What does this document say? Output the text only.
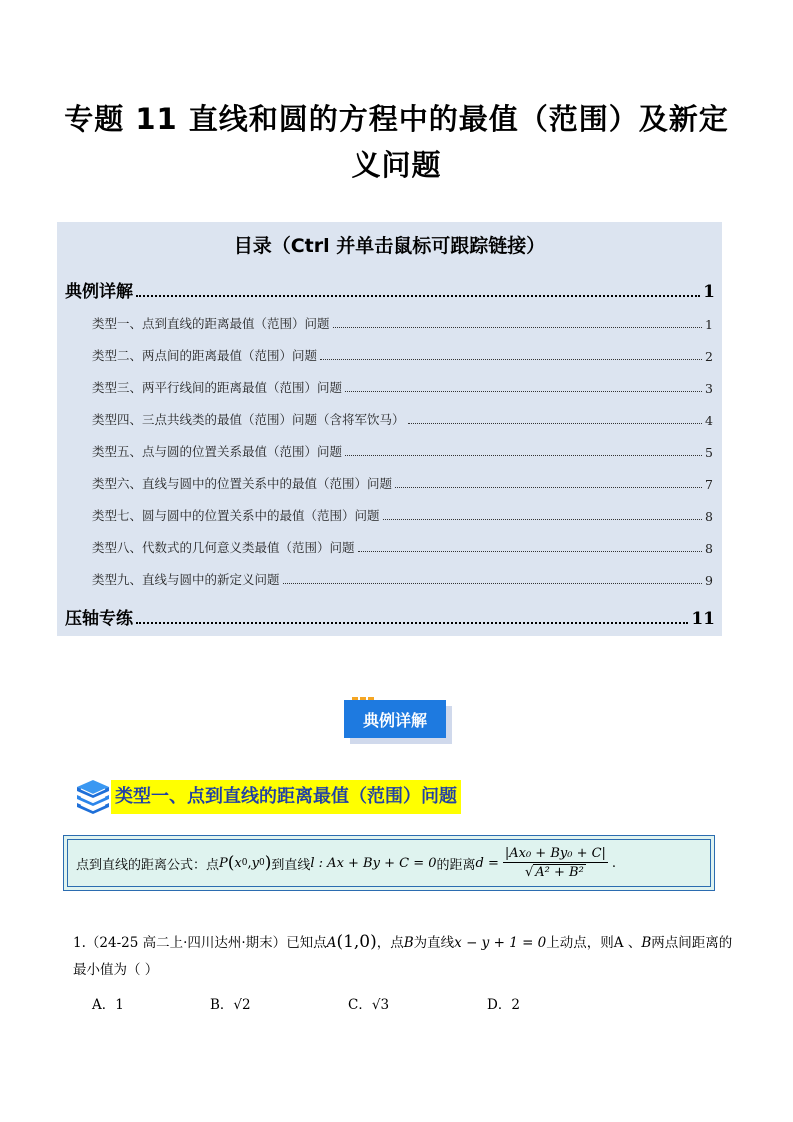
专题 11 直线和圆的方程中的最值（范围）及新定
义问题
目录（Ctrl 并单击鼠标可跟踪链接）
典例详解	1
类型一、点到直线的距离最值（范围）问题	1
类型二、两点间的距离最值（范围）问题	2
类型三、两平行线间的距离最值（范围）问题	3
类型四、三点共线类的最值（范围）问题（含将军饮马）	4
类型五、点与圆的位置关系最值（范围）问题	5
类型六、直线与圆中的位置关系中的最值（范围）问题	7
类型七、圆与圆中的位置关系中的最值（范围）问题	8
类型八、代数式的几何意义类最值（范围）问题	8
类型九、直线与圆中的新定义问题	9
压轴专练	11
典例详解
类型一、点到直线的距离最值（范围）问题
点到直线的距离公式：点 P ( x 0 , y 0 ) 到直线 l : Ax + By + C = 0 的距离 $d = \frac{\text{|Ax₀ + By₀ + C|}}{\text{√ A² + B²}}$ .
1.（24-25 高二上·四川达州·期末）已知点A(1,0)，点B为直线x − y + 1 = 0上动点，则A 、B两点间距离的
最小值为（ ）
A．1	B．√2	C．√3	D．2
